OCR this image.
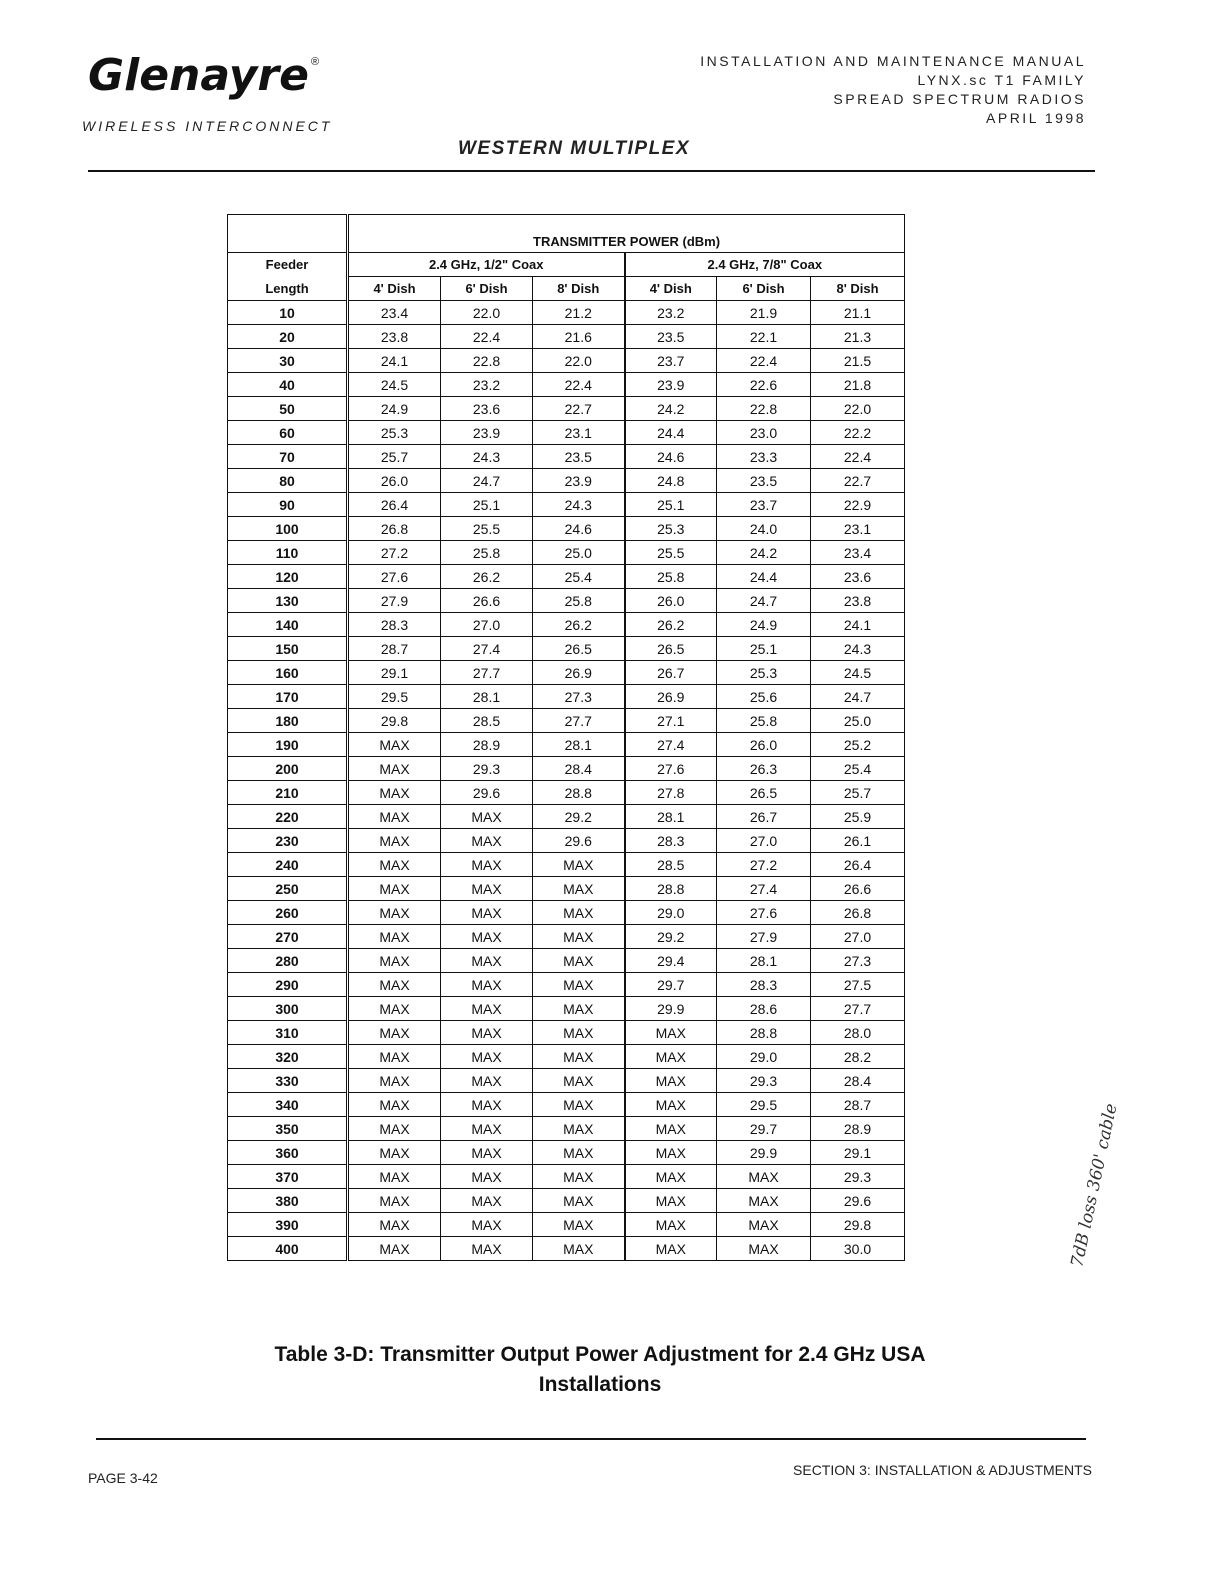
Glenayre ®
WIRELESS INTERCONNECT
INSTALLATION AND MAINTENANCE MANUAL
LYNX.sc T1 FAMILY
SPREAD SPECTRUM RADIOS
APRIL 1998
WESTERN MULTIPLEX
	TRANSMITTER POWER (dBm)					
Feeder	2.4 GHz, 1/2" Coax			2.4 GHz, 7/8" Coax		
Length	4' Dish	6' Dish	8' Dish	4' Dish	6' Dish	8' Dish
10	23.4	22.0	21.2	23.2	21.9	21.1
20	23.8	22.4	21.6	23.5	22.1	21.3
30	24.1	22.8	22.0	23.7	22.4	21.5
40	24.5	23.2	22.4	23.9	22.6	21.8
50	24.9	23.6	22.7	24.2	22.8	22.0
60	25.3	23.9	23.1	24.4	23.0	22.2
70	25.7	24.3	23.5	24.6	23.3	22.4
80	26.0	24.7	23.9	24.8	23.5	22.7
90	26.4	25.1	24.3	25.1	23.7	22.9
100	26.8	25.5	24.6	25.3	24.0	23.1
110	27.2	25.8	25.0	25.5	24.2	23.4
120	27.6	26.2	25.4	25.8	24.4	23.6
130	27.9	26.6	25.8	26.0	24.7	23.8
140	28.3	27.0	26.2	26.2	24.9	24.1
150	28.7	27.4	26.5	26.5	25.1	24.3
160	29.1	27.7	26.9	26.7	25.3	24.5
170	29.5	28.1	27.3	26.9	25.6	24.7
180	29.8	28.5	27.7	27.1	25.8	25.0
190	MAX	28.9	28.1	27.4	26.0	25.2
200	MAX	29.3	28.4	27.6	26.3	25.4
210	MAX	29.6	28.8	27.8	26.5	25.7
220	MAX	MAX	29.2	28.1	26.7	25.9
230	MAX	MAX	29.6	28.3	27.0	26.1
240	MAX	MAX	MAX	28.5	27.2	26.4
250	MAX	MAX	MAX	28.8	27.4	26.6
260	MAX	MAX	MAX	29.0	27.6	26.8
270	MAX	MAX	MAX	29.2	27.9	27.0
280	MAX	MAX	MAX	29.4	28.1	27.3
290	MAX	MAX	MAX	29.7	28.3	27.5
300	MAX	MAX	MAX	29.9	28.6	27.7
310	MAX	MAX	MAX	MAX	28.8	28.0
320	MAX	MAX	MAX	MAX	29.0	28.2
330	MAX	MAX	MAX	MAX	29.3	28.4
340	MAX	MAX	MAX	MAX	29.5	28.7
350	MAX	MAX	MAX	MAX	29.7	28.9
360	MAX	MAX	MAX	MAX	29.9	29.1
370	MAX	MAX	MAX	MAX	MAX	29.3
380	MAX	MAX	MAX	MAX	MAX	29.6
390	MAX	MAX	MAX	MAX	MAX	29.8
400	MAX	MAX	MAX	MAX	MAX	30.0
Table 3-D: Transmitter Output Power Adjustment for 2.4 GHz USA
Installations
PAGE 3-42	SECTION 3: INSTALLATION & ADJUSTMENTS
7dB loss 360' cable
